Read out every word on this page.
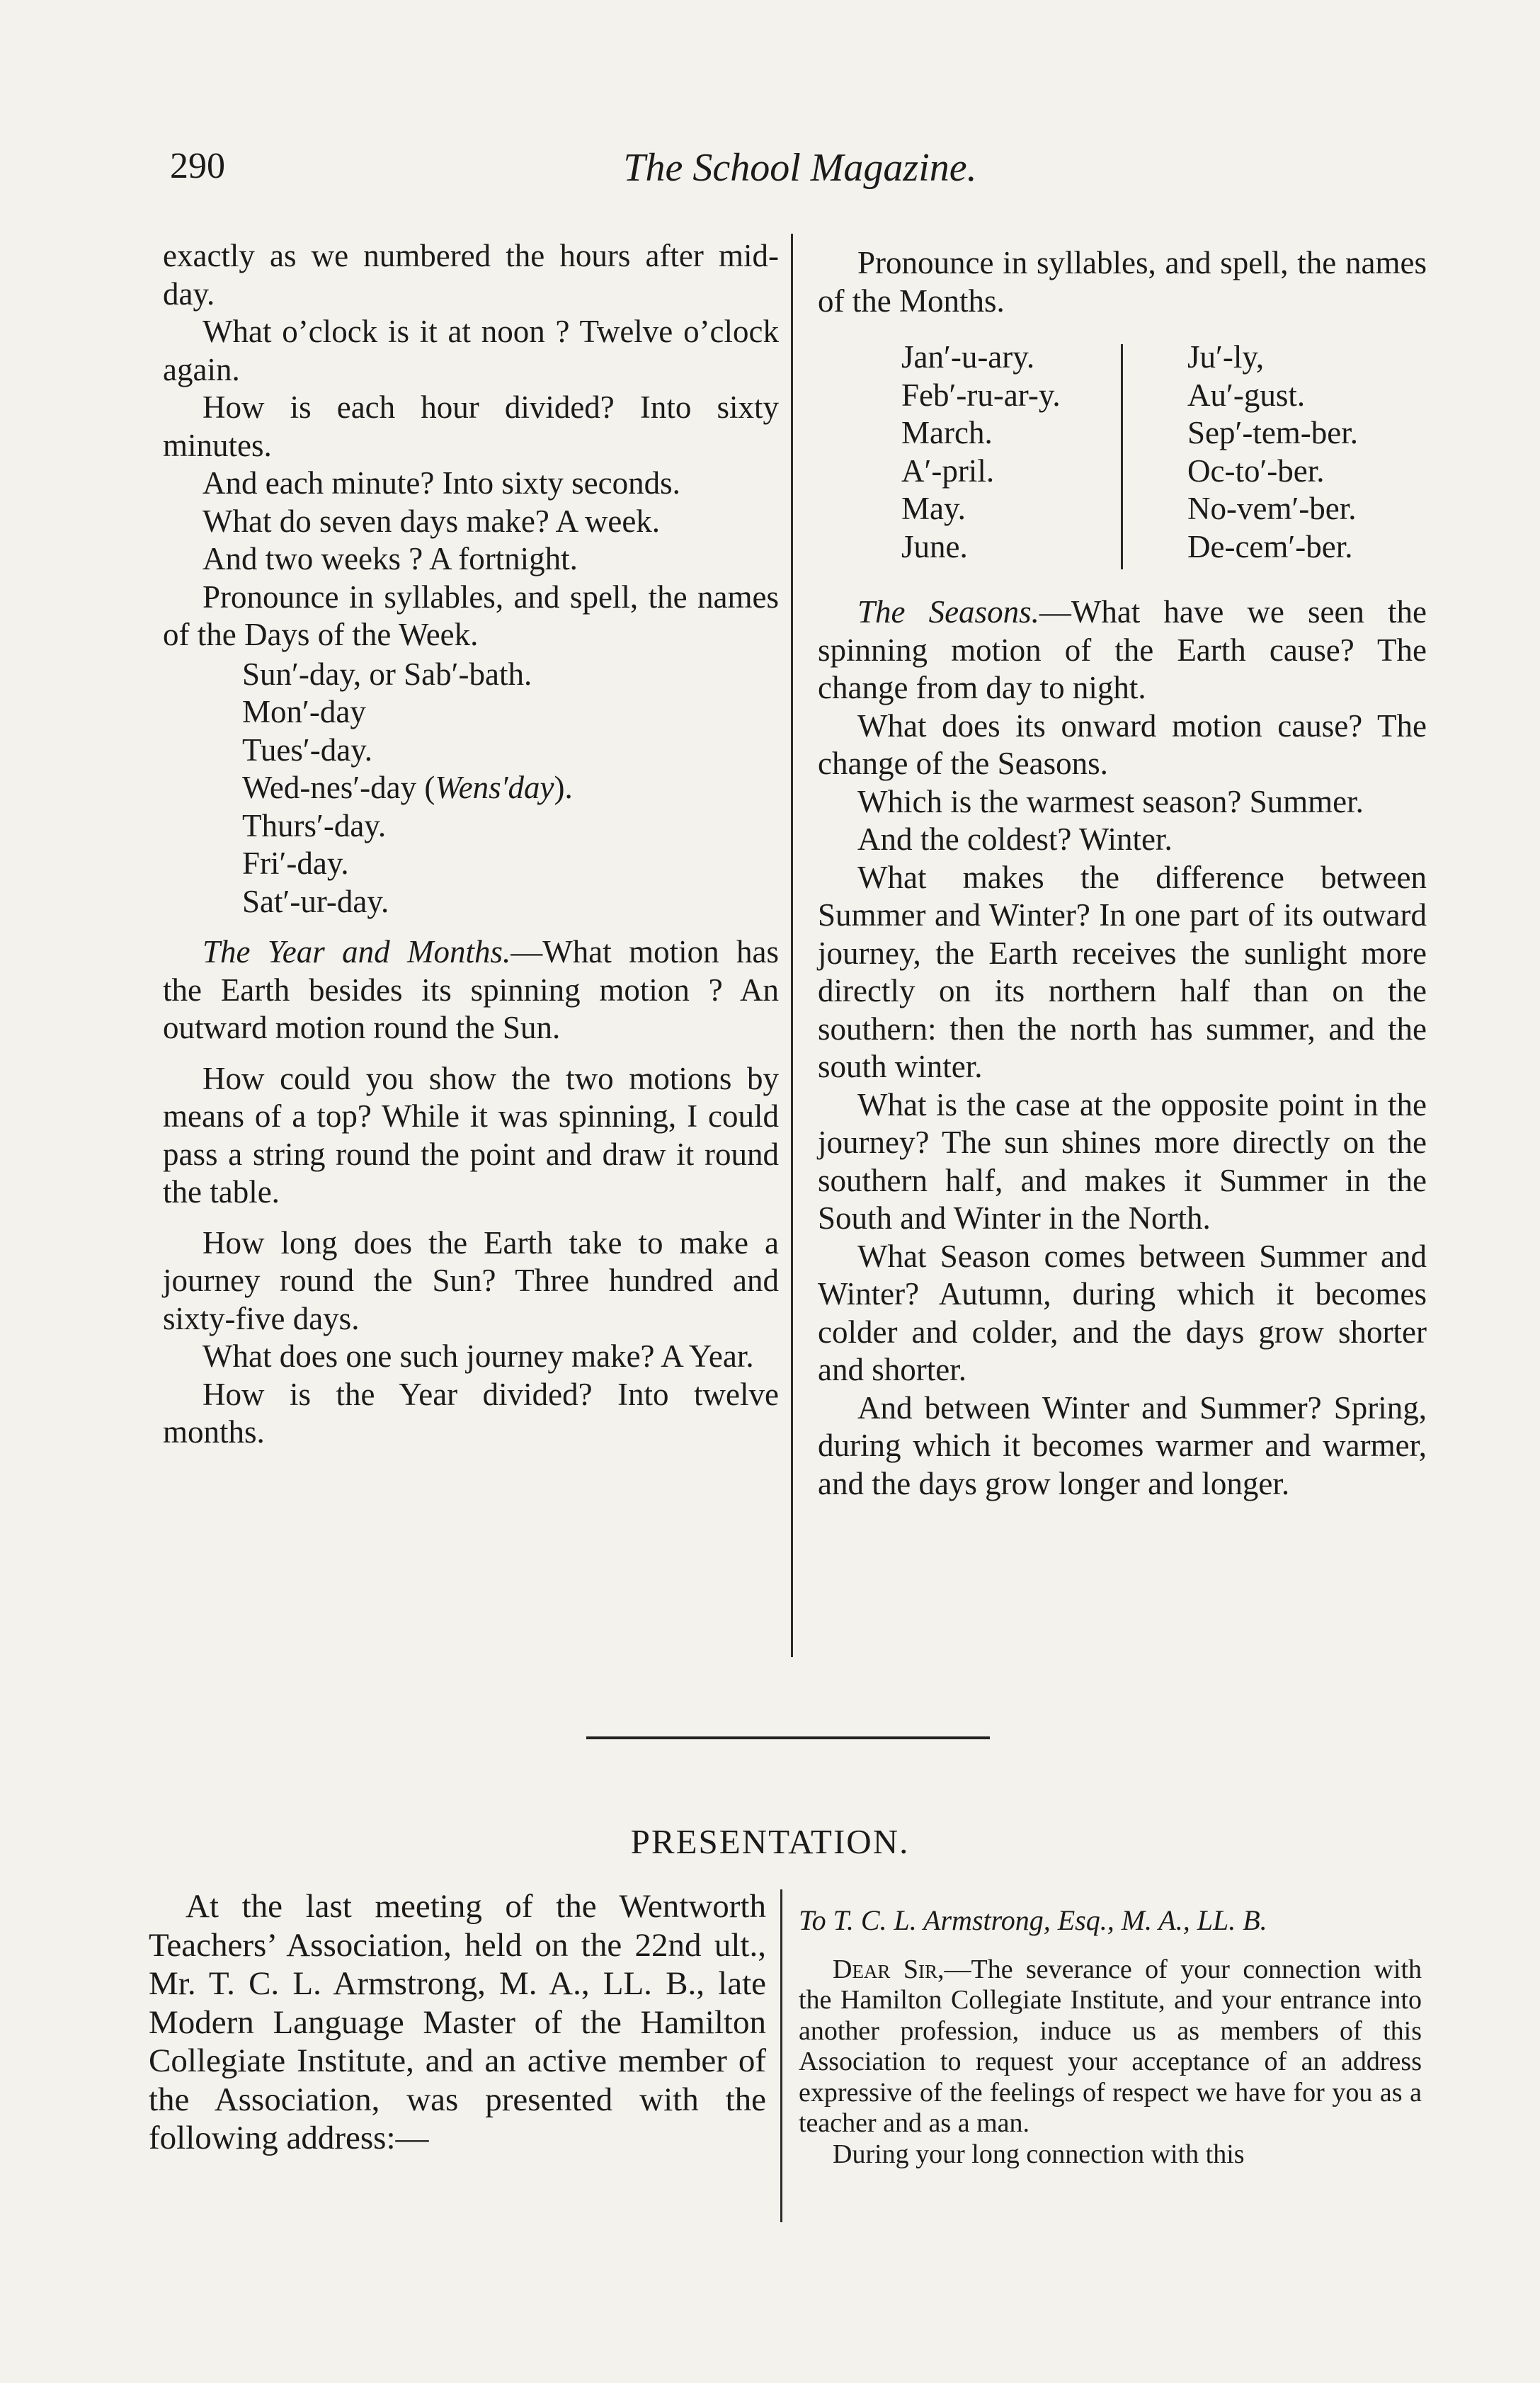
290	The School Magazine.

exactly as we numbered the hours after mid-day.

What o’clock is it at noon ? Twelve o’clock again.

How is each hour divided? Into sixty minutes.

And each minute? Into sixty seconds.

What do seven days make? A week.

And two weeks ? A fortnight.

Pronounce in syllables, and spell, the names of the Days of the Week.

Sun′-day, or Sab′-bath.
Mon′-day
Tues′-day.
Wed-nes′-day (Wens′day).
Thurs′-day.
Fri′-day.
Sat′-ur-day.

The Year and Months.—What motion has the Earth besides its spinning motion ? An outward motion round the Sun.

How could you show the two motions by means of a top? While it was spinning, I could pass a string round the point and draw it round the table.

How long does the Earth take to make a journey round the Sun? Three hundred and sixty-five days.

What does one such journey make? A Year.

How is the Year divided? Into twelve months.

Pronounce in syllables, and spell, the names of the Months.

Jan′-u-ary.
Feb′-ru-ar-y.
March.
A′-pril.
May.
June.
Ju′-ly,
Au′-gust.
Sep′-tem-ber.
Oc-to′-ber.
No-vem′-ber.
De-cem′-ber.

The Seasons.—What have we seen the spinning motion of the Earth cause? The change from day to night.

What does its onward motion cause? The change of the Seasons.

Which is the warmest season? Summer.

And the coldest? Winter.

What makes the difference between Summer and Winter? In one part of its outward journey, the Earth receives the sunlight more directly on its northern half than on the southern: then the north has summer, and the south winter.

What is the case at the opposite point in the journey? The sun shines more directly on the southern half, and makes it Summer in the South and Winter in the North.

What Season comes between Summer and Winter? Autumn, during which it becomes colder and colder, and the days grow shorter and shorter.

And between Winter and Summer? Spring, during which it becomes warmer and warmer, and the days grow longer and longer.

PRESENTATION.

At the last meeting of the Wentworth Teachers’ Association, held on the 22nd ult., Mr. T. C. L. Armstrong, M. A., LL. B., late Modern Language Master of the Hamilton Collegiate Institute, and an active member of the Association, was presented with the following address:—

To T. C. L. Armstrong, Esq., M. A., LL. B.

Dear Sir,—The severance of your connection with the Hamilton Collegiate Institute, and your entrance into another profession, induce us as members of this Association to request your acceptance of an address expressive of the feelings of respect we have for you as a teacher and as a man.

During your long connection with this
